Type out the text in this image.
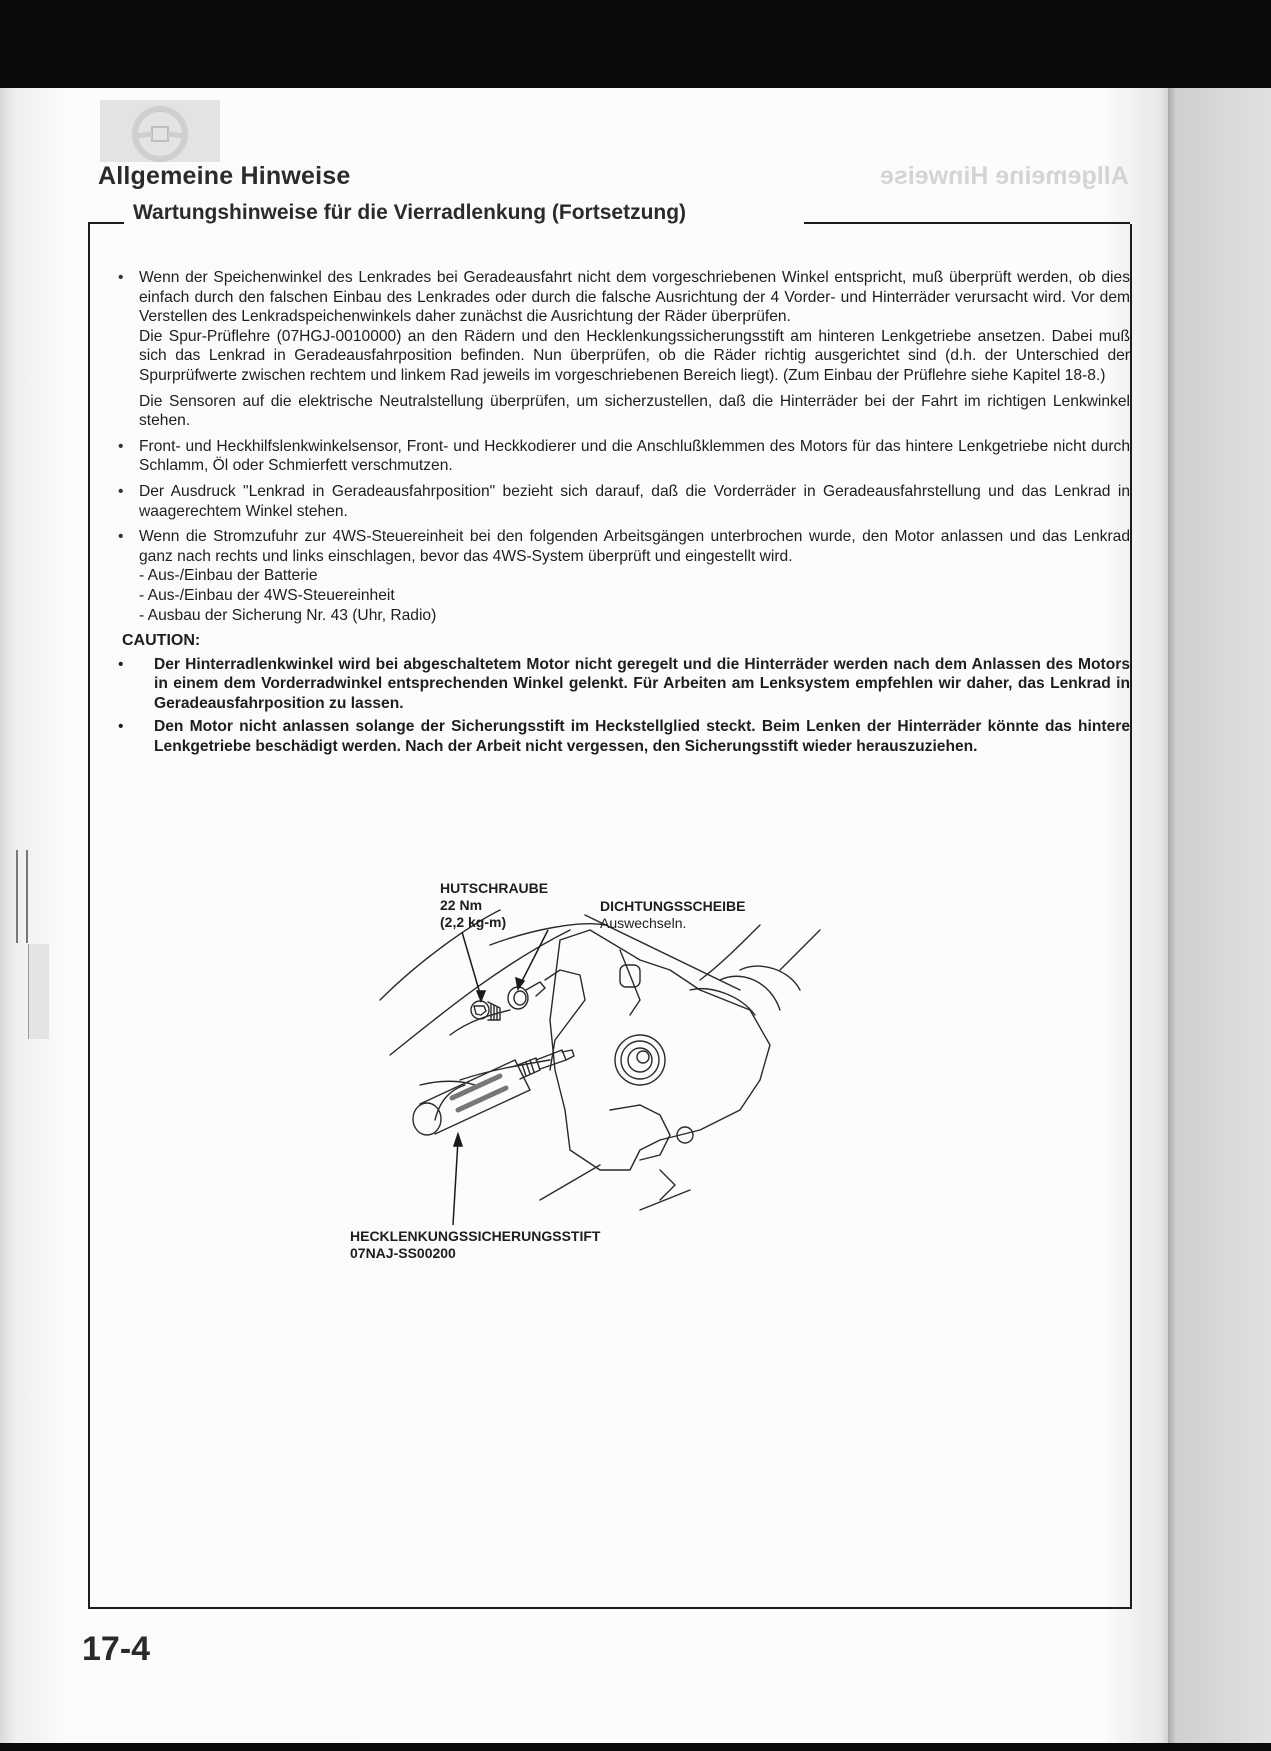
Allgemeine Hinweise
Allgemeine Hinweise
Wartungshinweise für die Vierradlenkung (Fortsetzung)
• Wenn der Speichenwinkel des Lenkrades bei Geradeausfahrt nicht dem vorgeschriebenen Winkel entspricht, muß überprüft werden, ob dies einfach durch den falschen Einbau des Lenkrades oder durch die falsche Ausrichtung der 4 Vorder- und Hinterräder verursacht wird. Vor dem Verstellen des Lenkradspeichenwinkels daher zunächst die Ausrichtung der Räder überprüfen.
Die Spur-Prüflehre (07HGJ-0010000) an den Rädern und den Hecklenkungssicherungsstift am hinteren Lenkgetriebe ansetzen. Dabei muß sich das Lenkrad in Geradeausfahrposition befinden. Nun überprüfen, ob die Räder richtig ausgerichtet sind (d.h. der Unterschied der Spurprüfwerte zwischen rechtem und linkem Rad jeweils im vorgeschriebenen Bereich liegt). (Zum Einbau der Prüflehre siehe Kapitel 18-8.)
Die Sensoren auf die elektrische Neutralstellung überprüfen, um sicherzustellen, daß die Hinterräder bei der Fahrt im richtigen Lenkwinkel stehen.
• Front- und Heckhilfslenkwinkelsensor, Front- und Heckkodierer und die Anschlußklemmen des Motors für das hintere Lenkgetriebe nicht durch Schlamm, Öl oder Schmierfett verschmutzen.
• Der Ausdruck "Lenkrad in Geradeausfahrposition" bezieht sich darauf, daß die Vorderräder in Geradeausfahrstellung und das Lenkrad in waagerechtem Winkel stehen.
• Wenn die Stromzufuhr zur 4WS-Steuereinheit bei den folgenden Arbeitsgängen unterbrochen wurde, den Motor anlassen und das Lenkrad ganz nach rechts und links einschlagen, bevor das 4WS-System überprüft und eingestellt wird.
- Aus-/Einbau der Batterie
- Aus-/Einbau der 4WS-Steuereinheit
- Ausbau der Sicherung Nr. 43 (Uhr, Radio)
CAUTION:
• Der Hinterradlenkwinkel wird bei abgeschaltetem Motor nicht geregelt und die Hinterräder werden nach dem Anlassen des Motors in einem dem Vorderradwinkel entsprechenden Winkel gelenkt. Für Arbeiten am Lenksystem empfehlen wir daher, das Lenkrad in Geradeausfahrposition zu lassen.
• Den Motor nicht anlassen solange der Sicherungsstift im Heckstellglied steckt. Beim Lenken der Hinterräder könnte das hintere Lenkgetriebe beschädigt werden. Nach der Arbeit nicht vergessen, den Sicherungsstift wieder herauszuziehen.
HUTSCHRAUBE
22 Nm
(2,2 kg-m)
DICHTUNGSSCHEIBE
Auswechseln.
HECKLENKUNGSSICHERUNGSSTIFT
07NAJ-SS00200
17-4
